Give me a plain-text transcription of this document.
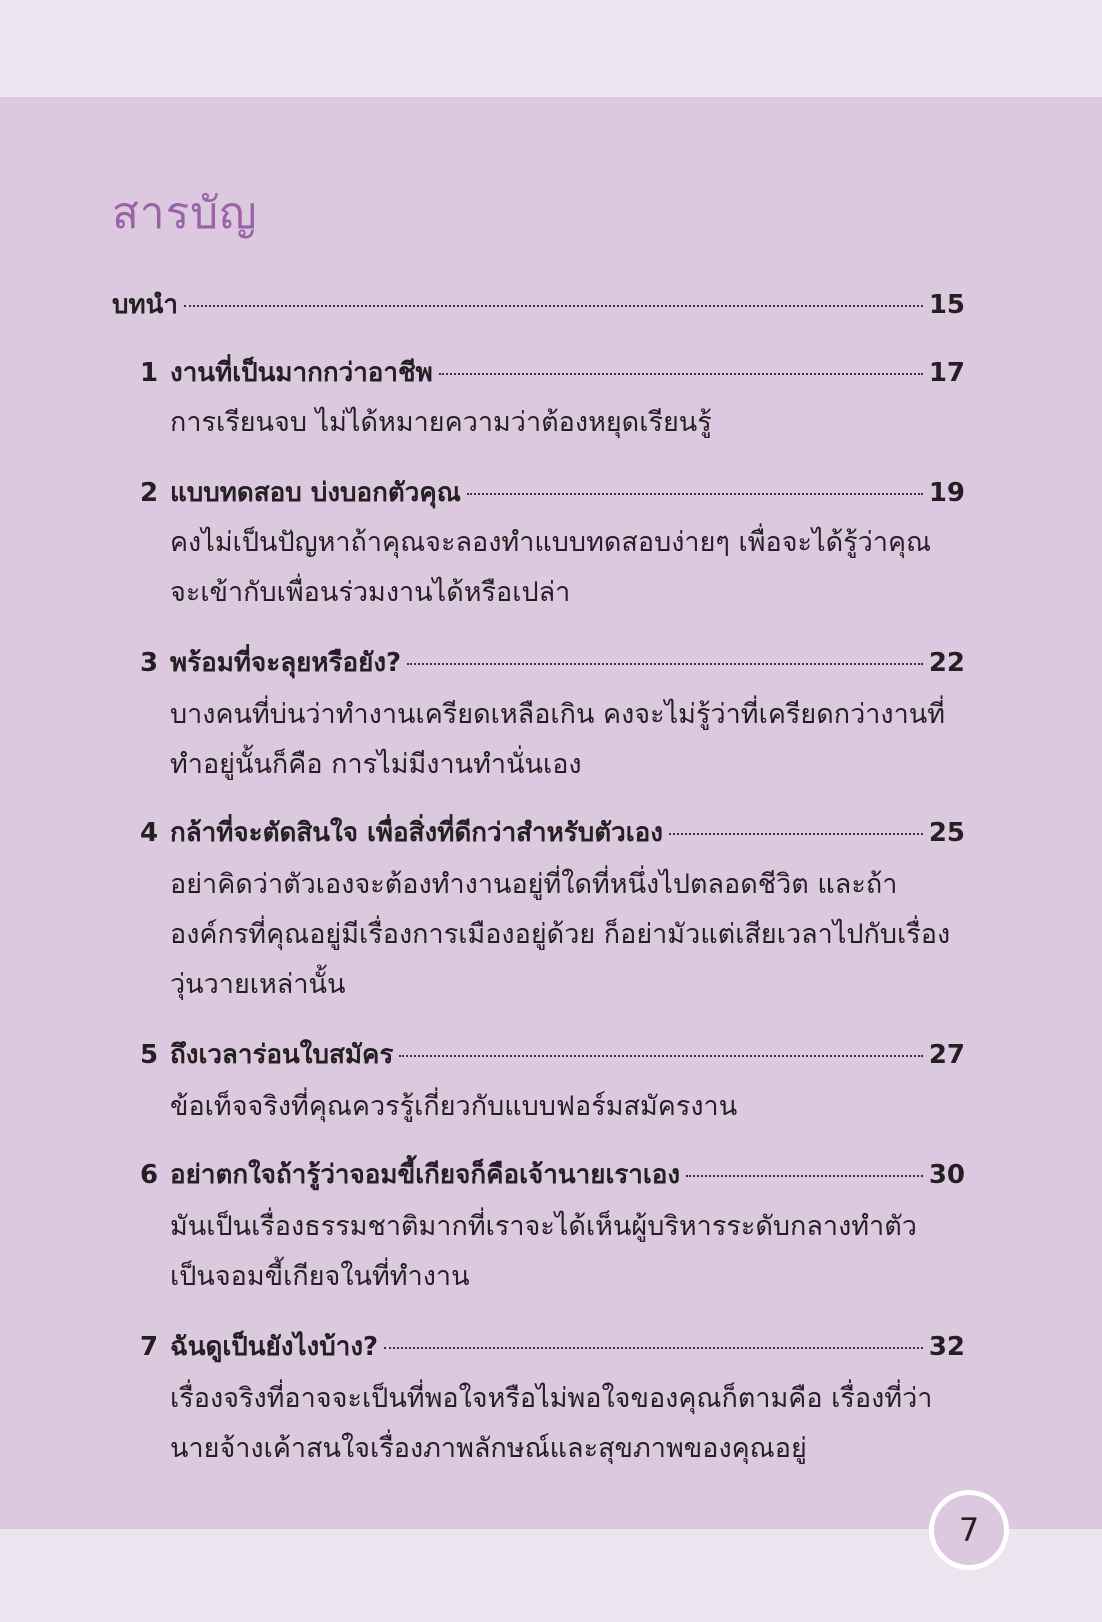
สารบัญ
บทนำ	15
1 งานที่เป็นมากกว่าอาชีพ	17

การเรียนจบ ไม่ได้หมายความว่าต้องหยุดเรียนรู้

2 แบบทดสอบ บ่งบอกตัวคุณ	19

คงไม่เป็นปัญหาถ้าคุณจะลองทำแบบทดสอบง่ายๆ เพื่อจะได้รู้ว่าคุณจะเข้ากับเพื่อนร่วมงานได้หรือเปล่า

3 พร้อมที่จะลุยหรือยัง?	22

บางคนที่บ่นว่าทำงานเครียดเหลือเกิน คงจะไม่รู้ว่าที่เครียดกว่างานที่ทำอยู่นั้นก็คือ การไม่มีงานทำนั่นเอง

4 กล้าที่จะตัดสินใจ เพื่อสิ่งที่ดีกว่าสำหรับตัวเอง	25

อย่าคิดว่าตัวเองจะต้องทำงานอยู่ที่ใดที่หนึ่งไปตลอดชีวิต และถ้าองค์กรที่คุณอยู่มีเรื่องการเมืองอยู่ด้วย ก็อย่ามัวแต่เสียเวลาไปกับเรื่องวุ่นวายเหล่านั้น

5 ถึงเวลาร่อนใบสมัคร	27

ข้อเท็จจริงที่คุณควรรู้เกี่ยวกับแบบฟอร์มสมัครงาน

6 อย่าตกใจถ้ารู้ว่าจอมขี้เกียจก็คือเจ้านายเราเอง	30

มันเป็นเรื่องธรรมชาติมากที่เราจะได้เห็นผู้บริหารระดับกลางทำตัวเป็นจอมขี้เกียจในที่ทำงาน

7 ฉันดูเป็นยังไงบ้าง?	32

เรื่องจริงที่อาจจะเป็นที่พอใจหรือไม่พอใจของคุณก็ตามคือ เรื่องที่ว่านายจ้างเค้าสนใจเรื่องภาพลักษณ์และสุขภาพของคุณอยู่

7
